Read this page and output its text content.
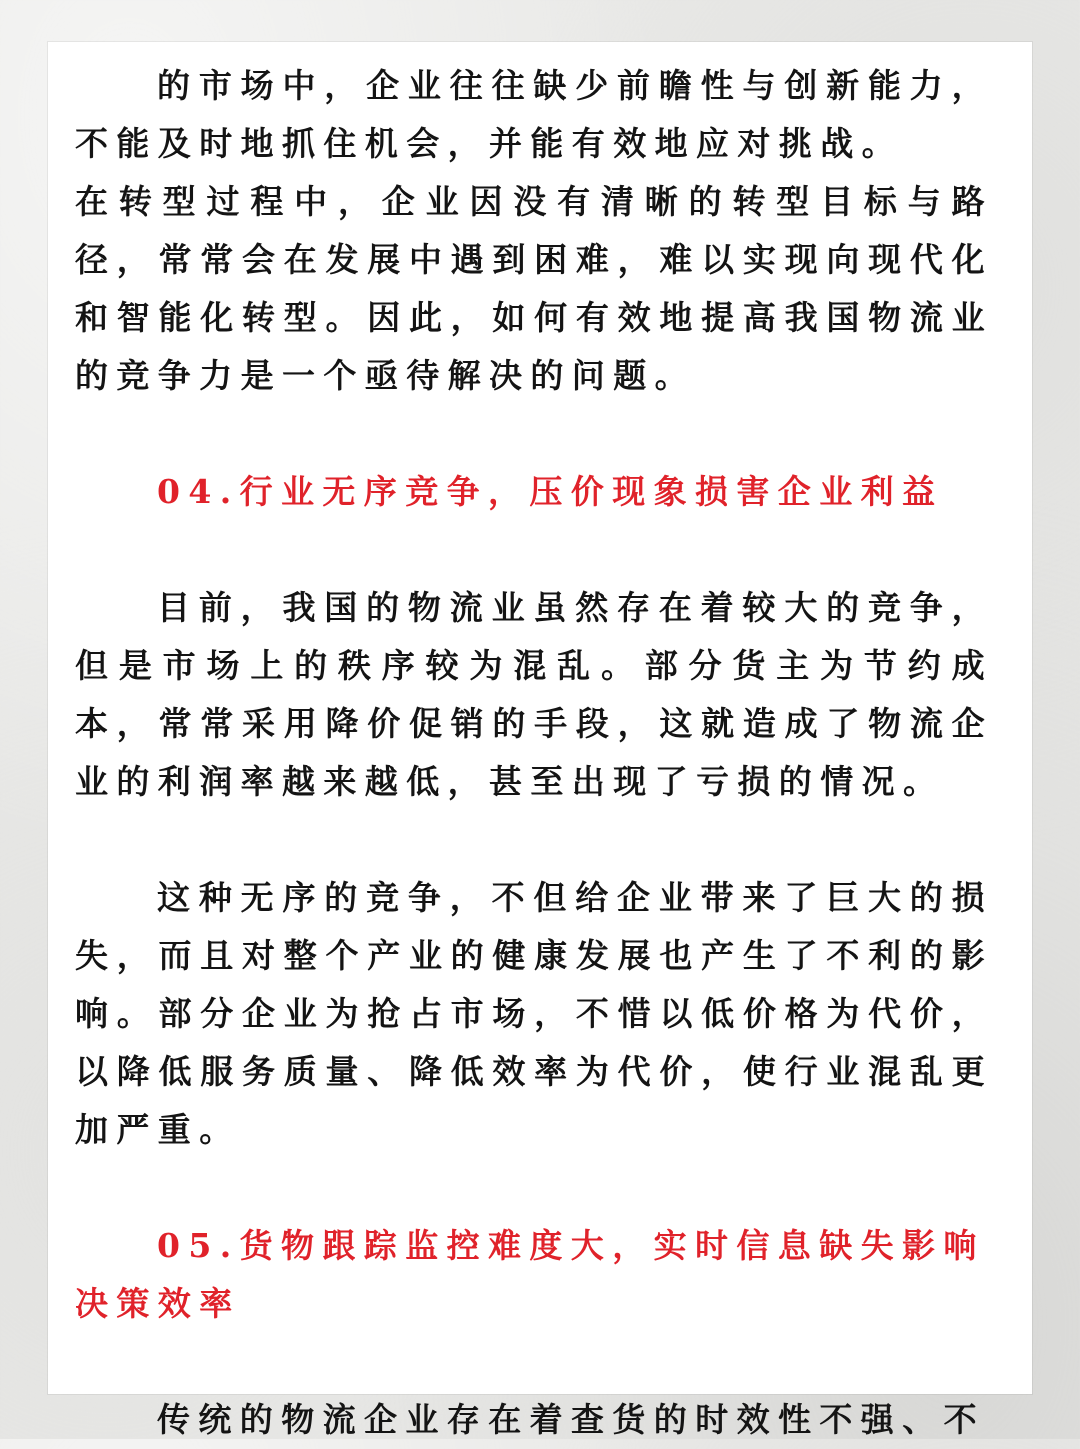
的市场中，企业往往缺少前瞻性与创新能力，不能及时地抓住机会，并能有效地应对挑战。

在转型过程中，企业因没有清晰的转型目标与路径，常常会在发展中遇到困难，难以实现向现代化和智能化转型。因此，如何有效地提高我国物流业的竞争力是一个亟待解决的问题。

04.行业无序竞争，压价现象损害企业利益

目前，我国的物流业虽然存在着较大的竞争，但是市场上的秩序较为混乱。部分货主为节约成本，常常采用降价促销的手段，这就造成了物流企业的利润率越来越低，甚至出现了亏损的情况。

这种无序的竞争，不但给企业带来了巨大的损失，而且对整个产业的健康发展也产生了不利的影响。部分企业为抢占市场，不惜以低价格为代价，以降低服务质量、降低效率为代价，使行业混乱更加严重。

05.货物跟踪监控难度大，实时信息缺失影响决策效率

传统的物流企业存在着查货的时效性不强、不
